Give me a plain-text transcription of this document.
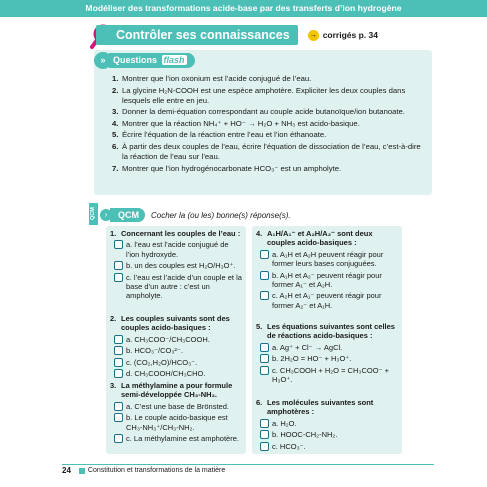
Modéliser des transformations acide-base par des transferts d’ion hydrogène
Contrôler ses connaissances	→ corrigés p. 34
» Questions flash
1. Montrer que l’ion oxonium est l’acide conjugué de l’eau.
2. La glycine H₂N-COOH est une espèce amphotère. Expliciter les deux couples dans lesquels elle entre en jeu.
3. Donner la demi-équation correspondant au couple acide butanoïque/ion butanoate.
4. Montrer que la réaction NH₄⁺ + HO⁻ → H₂O + NH₃ est acido-basique.
5. Écrire l’équation de la réaction entre l’eau et l’ion éthanoate.
6. À partir des deux couples de l’eau, écrire l’équation de dissociation de l’eau, c’est-à-dire la réaction de l’eau sur l’eau.
7. Montrer que l’ion hydrogénocarbonate HCO₃⁻ est un ampholyte.
QCM	›	QCM	Cocher la (ou les) bonne(s) réponse(s).
1. Concernant les couples de l’eau :
a. l’eau est l’acide conjugué de l’ion hydroxyde.
b. un des couples est H₂O/H₃O⁺.
c. l’eau est l’acide d’un couple et la base d’un autre : c’est un ampholyte.
2. Les couples suivants sont des couples acido-basiques :
a. CH₃COO⁻/CH₃COOH.
b. HCO₃⁻/CO₃²⁻.
c. (CO₂,H₂O)/HCO₃⁻.
d. CH₃COOH/CH₃CHO.
3. La méthylamine a pour formule semi-développée CH₃-NH₂.
a. C’est une base de Brönsted.
b. Le couple acido-basique est CH₃-NH₃⁺/CH₃-NH₂.
c. La méthylamine est amphotère.
4. A₁H/A₁⁻ et A₂H/A₂⁻ sont deux couples acido-basiques :
a. A₁H et A₂H peuvent réagir pour former leurs bases conjuguées.
b. A₁H et A₂⁻ peuvent réagir pour former A₁⁻ et A₂H.
c. A₂H et A₁⁻ peuvent réagir pour former A₂⁻ et A₁H.
5. Les équations suivantes sont celles de réactions acido-basiques :
a. Ag⁺ + Cl⁻ → AgCl.
b. 2H₂O = HO⁻ + H₃O⁺.
c. CH₃COOH + H₂O = CH₃COO⁻ + H₃O⁺.
6. Les molécules suivantes sont amphotères :
a. H₂O.
b. HOOC-CH₂-NH₂.
c. HCO₃⁻.
24 Constitution et transformations de la matière
